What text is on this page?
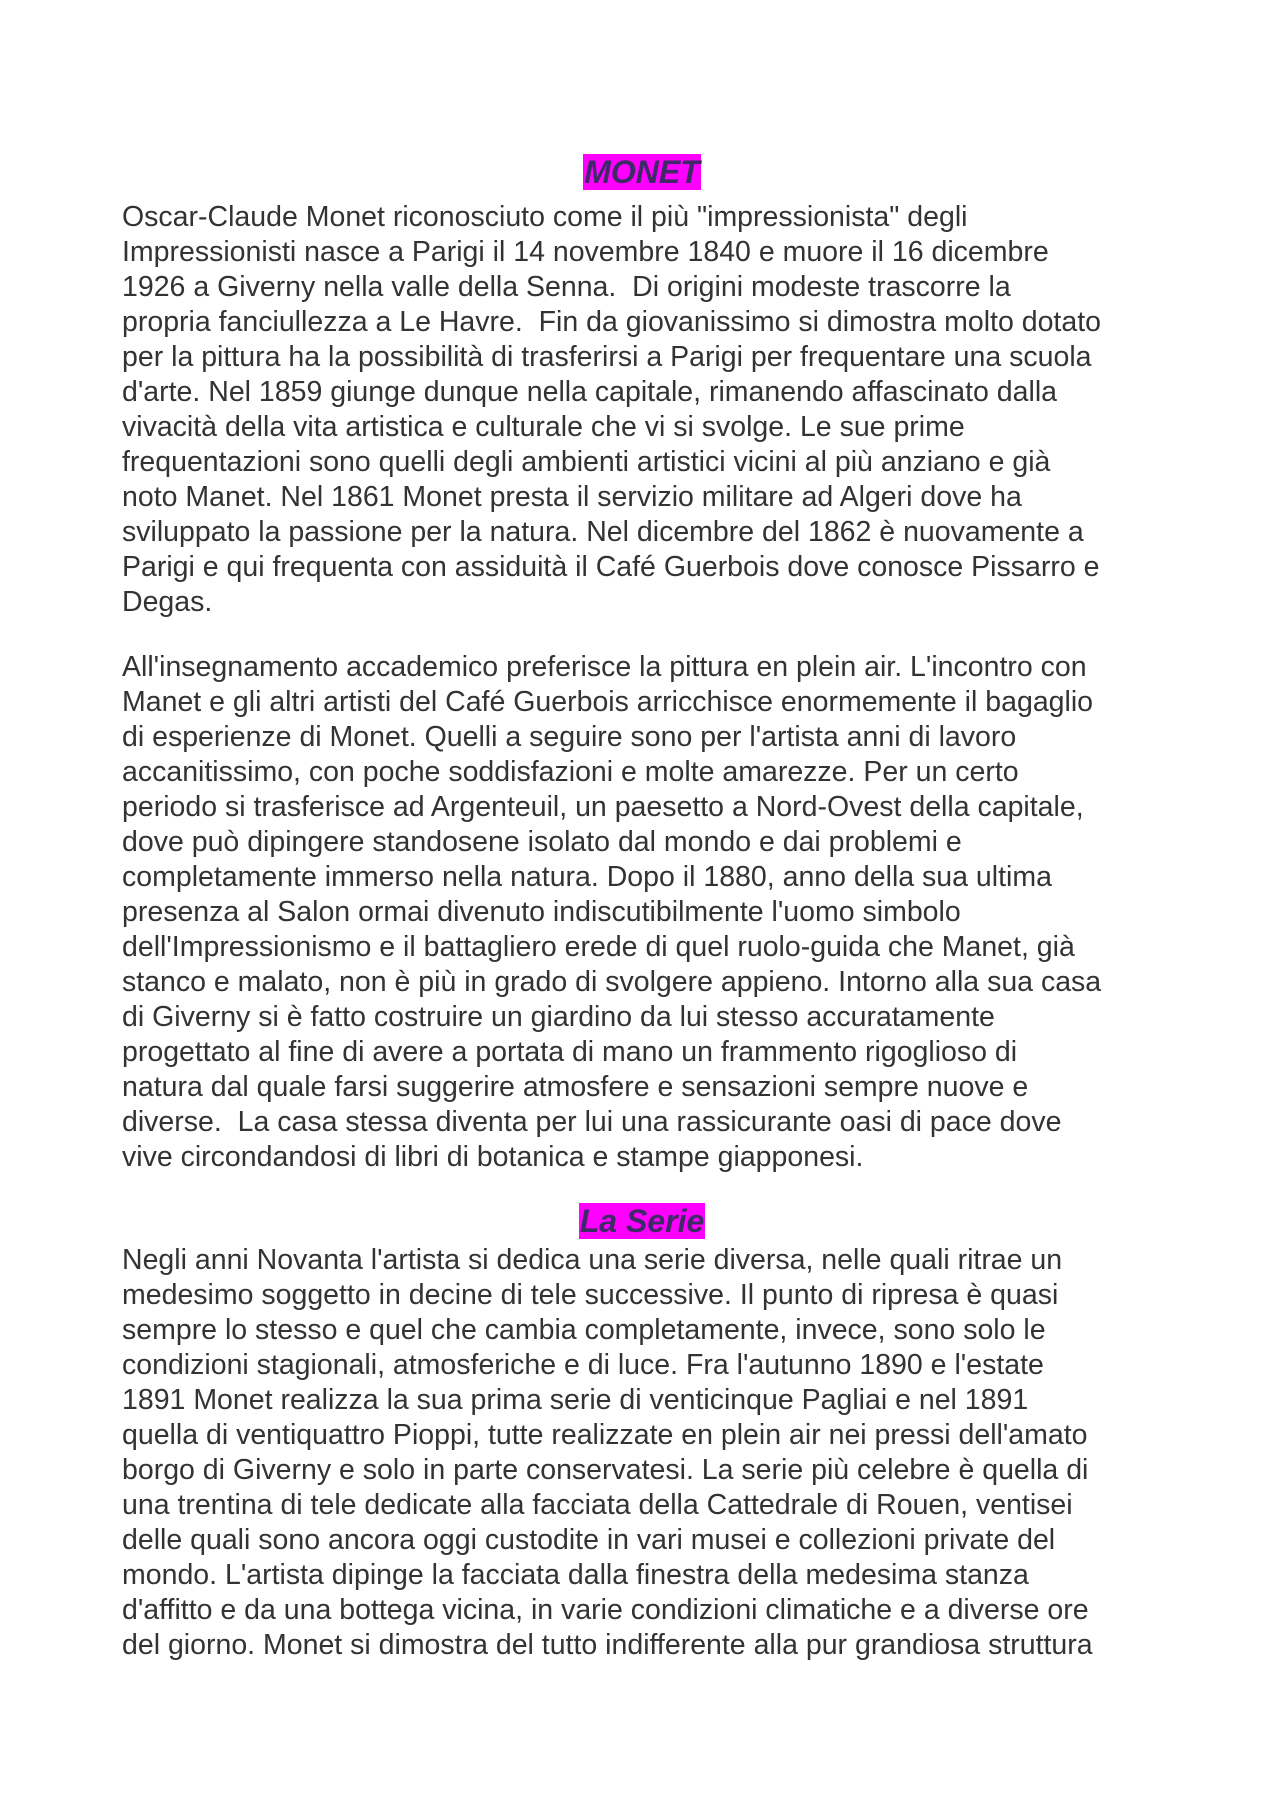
MONET

Oscar-Claude Monet riconosciuto come il più "impressionista" degli
Impressionisti nasce a Parigi il 14 novembre 1840 e muore il 16 dicembre
1926 a Giverny nella valle della Senna.  Di origini modeste trascorre la
propria fanciullezza a Le Havre.  Fin da giovanissimo si dimostra molto dotato
per la pittura ha la possibilità di trasferirsi a Parigi per frequentare una scuola
d'arte. Nel 1859 giunge dunque nella capitale, rimanendo affascinato dalla
vivacità della vita artistica e culturale che vi si svolge. Le sue prime
frequentazioni sono quelli degli ambienti artistici vicini al più anziano e già
noto Manet. Nel 1861 Monet presta il servizio militare ad Algeri dove ha
sviluppato la passione per la natura. Nel dicembre del 1862 è nuovamente a
Parigi e qui frequenta con assiduità il Café Guerbois dove conosce Pissarro e
Degas.

All'insegnamento accademico preferisce la pittura en plein air. L'incontro con
Manet e gli altri artisti del Café Guerbois arricchisce enormemente il bagaglio
di esperienze di Monet. Quelli a seguire sono per l'artista anni di lavoro
accanitissimo, con poche soddisfazioni e molte amarezze. Per un certo
periodo si trasferisce ad Argenteuil, un paesetto a Nord-Ovest della capitale,
dove può dipingere standosene isolato dal mondo e dai problemi e
completamente immerso nella natura. Dopo il 1880, anno della sua ultima
presenza al Salon ormai divenuto indiscutibilmente l'uomo simbolo
dell'Impressionismo e il battagliero erede di quel ruolo-guida che Manet, già
stanco e malato, non è più in grado di svolgere appieno. Intorno alla sua casa
di Giverny si è fatto costruire un giardino da lui stesso accuratamente
progettato al fine di avere a portata di mano un frammento rigoglioso di
natura dal quale farsi suggerire atmosfere e sensazioni sempre nuove e
diverse.  La casa stessa diventa per lui una rassicurante oasi di pace dove
vive circondandosi di libri di botanica e stampe giapponesi.

La Serie

Negli anni Novanta l'artista si dedica una serie diversa, nelle quali ritrae un
medesimo soggetto in decine di tele successive. Il punto di ripresa è quasi
sempre lo stesso e quel che cambia completamente, invece, sono solo le
condizioni stagionali, atmosferiche e di luce. Fra l'autunno 1890 e l'estate
1891 Monet realizza la sua prima serie di venticinque Pagliai e nel 1891
quella di ventiquattro Pioppi, tutte realizzate en plein air nei pressi dell'amato
borgo di Giverny e solo in parte conservatesi. La serie più celebre è quella di
una trentina di tele dedicate alla facciata della Cattedrale di Rouen, ventisei
delle quali sono ancora oggi custodite in vari musei e collezioni private del
mondo. L'artista dipinge la facciata dalla finestra della medesima stanza
d'affitto e da una bottega vicina, in varie condizioni climatiche e a diverse ore
del giorno. Monet si dimostra del tutto indifferente alla pur grandiosa struttura
